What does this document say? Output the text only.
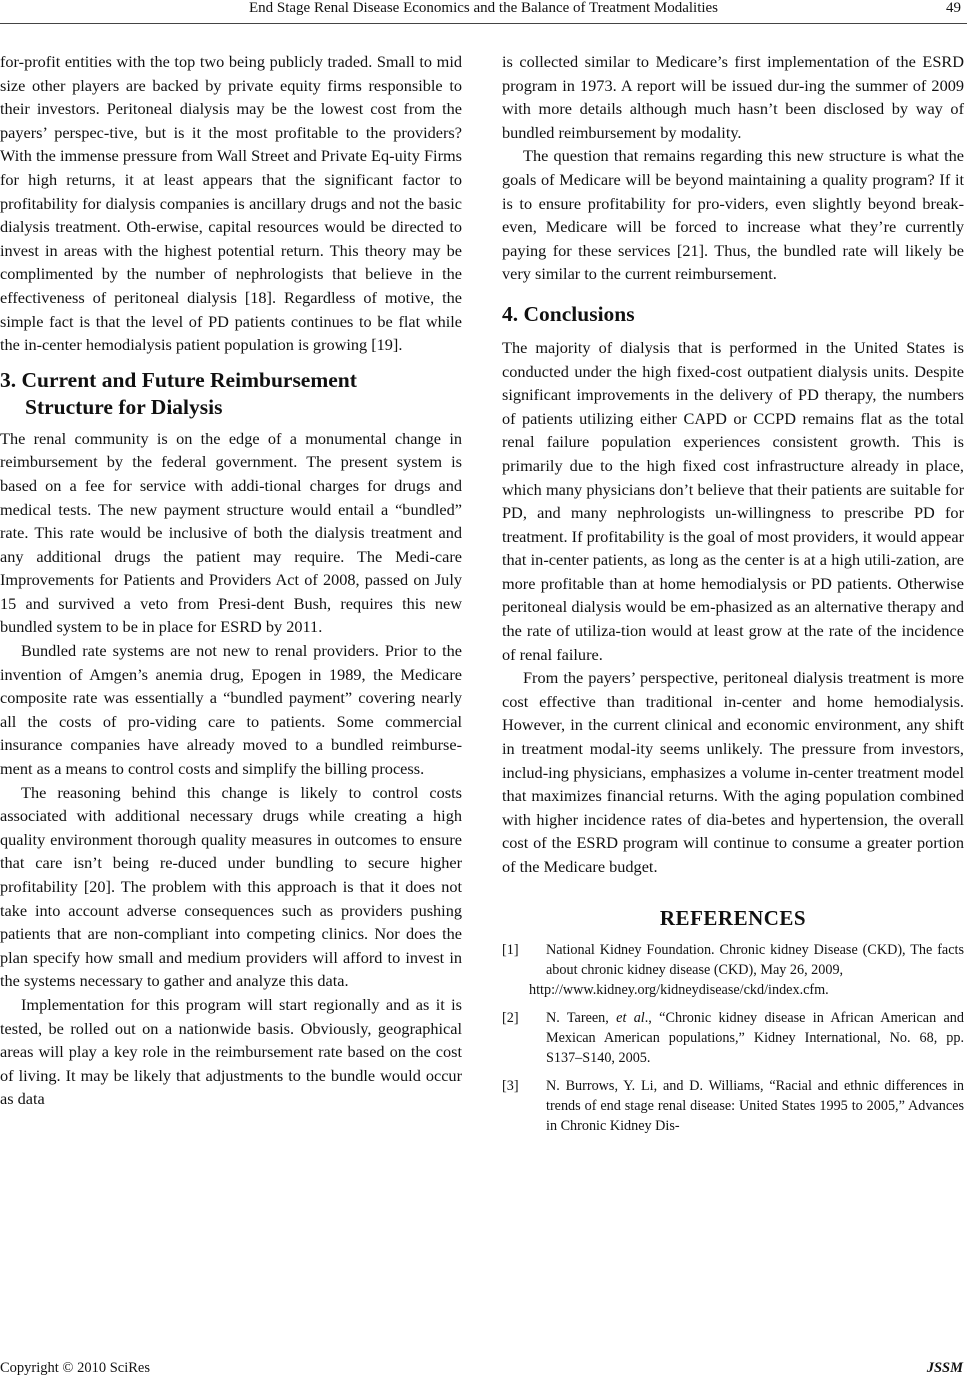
End Stage Renal Disease Economics and the Balance of Treatment Modalities	49

for-profit entities with the top two being publicly traded. Small to mid size other players are backed by private equity firms responsible to their investors. Peritoneal dialysis may be the lowest cost from the payers’ perspec-tive, but is it the most profitable to the providers? With the immense pressure from Wall Street and Private Eq-uity Firms for high returns, it at least appears that the significant factor to profitability for dialysis companies is ancillary drugs and not the basic dialysis treatment. Oth-erwise, capital resources would be directed to invest in areas with the highest potential return. This theory may be complimented by the number of nephrologists that believe in the effectiveness of peritoneal dialysis [18]. Regardless of motive, the simple fact is that the level of PD patients continues to be flat while the in-center hemodialysis patient population is growing [19].

3. Current and Future Reimbursement
Structure for Dialysis

The renal community is on the edge of a monumental change in reimbursement by the federal government. The present system is based on a fee for service with addi-tional charges for drugs and medical tests. The new payment structure would entail a “bundled” rate. This rate would be inclusive of both the dialysis treatment and any additional drugs the patient may require. The Medi-care Improvements for Patients and Providers Act of 2008, passed on July 15 and survived a veto from Presi-dent Bush, requires this new bundled system to be in place for ESRD by 2011.

Bundled rate systems are not new to renal providers. Prior to the invention of Amgen’s anemia drug, Epogen in 1989, the Medicare composite rate was essentially a “bundled payment” covering nearly all the costs of pro-viding care to patients. Some commercial insurance companies have already moved to a bundled reimburse-ment as a means to control costs and simplify the billing process.

The reasoning behind this change is likely to control costs associated with additional necessary drugs while creating a high quality environment thorough quality measures in outcomes to ensure that care isn’t being re-duced under bundling to secure higher profitability [20]. The problem with this approach is that it does not take into account adverse consequences such as providers pushing patients that are non-compliant into competing clinics. Nor does the plan specify how small and medium providers will afford to invest in the systems necessary to gather and analyze this data.

Implementation for this program will start regionally and as it is tested, be rolled out on a nationwide basis. Obviously, geographical areas will play a key role in the reimbursement rate based on the cost of living. It may be likely that adjustments to the bundle would occur as data

is collected similar to Medicare’s first implementation of the ESRD program in 1973. A report will be issued dur-ing the summer of 2009 with more details although much hasn’t been disclosed by way of bundled reimbursement by modality.

The question that remains regarding this new structure is what the goals of Medicare will be beyond maintaining a quality program? If it is to ensure profitability for pro-viders, even slightly beyond break-even, Medicare will be forced to increase what they’re currently paying for these services [21]. Thus, the bundled rate will likely be very similar to the current reimbursement.

4. Conclusions

The majority of dialysis that is performed in the United States is conducted under the high fixed-cost outpatient dialysis units. Despite significant improvements in the delivery of PD therapy, the numbers of patients utilizing either CAPD or CCPD remains flat as the total renal failure population experiences consistent growth. This is primarily due to the high fixed cost infrastructure already in place, which many physicians don’t believe that their patients are suitable for PD, and many nephrologists un-willingness to prescribe PD for treatment. If profitability is the goal of most providers, it would appear that in-center patients, as long as the center is at a high utili-zation, are more profitable than at home hemodialysis or PD patients. Otherwise peritoneal dialysis would be em-phasized as an alternative therapy and the rate of utiliza-tion would at least grow at the rate of the incidence of renal failure.

From the payers’ perspective, peritoneal dialysis treatment is more cost effective than traditional in-center and home hemodialysis. However, in the current clinical and economic environment, any shift in treatment modal-ity seems unlikely. The pressure from investors, includ-ing physicians, emphasizes a volume in-center treatment model that maximizes financial returns. With the aging population combined with higher incidence rates of dia-betes and hypertension, the overall cost of the ESRD program will continue to consume a greater portion of the Medicare budget.

REFERENCES
[1]	National Kidney Foundation. Chronic kidney Disease (CKD), The facts about chronic kidney disease (CKD), May 26, 2009,
http://www.kidney.org/kidneydisease/ckd/index.cfm.
[2]	N. Tareen, et al., “Chronic kidney disease in African American and Mexican American populations,” Kidney International, No. 68, pp. S137–S140, 2005.
[3]	N. Burrows, Y. Li, and D. Williams, “Racial and ethnic differences in trends of end stage renal disease: United States 1995 to 2005,” Advances in Chronic Kidney Dis-
Copyright © 2010 SciRes	JSSM
